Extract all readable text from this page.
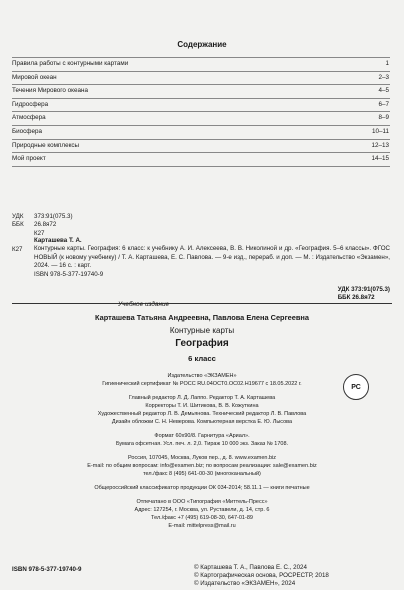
Содержание
Правила работы с контурными картами	1
Мировой океан	2–3
Течения Мирового океана	4–5
Гидросфера	6–7
Атмосфера	8–9
Биосфера	10–11
Природные комплексы	12–13
Мой проект	14–15
УДК	373:91(075.3)
ББК	26.8я72
К27
К27
Карташева Т. А.
Контурные карты. География: 6 класс: к учебнику А. И. Алексеева, В. В. Николиной и др. «География. 5–6 классы». ФГОС НОВЫЙ (к новому учебнику) / Т. А. Карташева, Е. С. Павлова. — 9-е изд., перераб. и доп. — М. : Издательство «Экзамен», 2024. — 16 с. : карт.
ISBN 978-5-377-19740-9
УДК 373:91(075.3)
ББК 26.8я72
Учебное издание
Карташева Татьяна Андреевна, Павлова Елена Сергеевна
Контурные карты
География
6 класс
Издательство «ЭКЗАМЕН»
Гигиенический сертификат № РОСС RU.04ОСТ0.ОС02.Н19677 с 18.05.2022 г.	РС
Главный редактор Л. Д. Лаппо. Редактор Т. А. Карташева
Корректоры Т. И. Шитикова, В. В. Кожуткина
Художественный редактор Л. В. Демьянова. Технический редактор Л. В. Павлова
Дизайн обложки С. Н. Неверова. Компьютерная верстка Е. Ю. Лысова
Формат 60х90/8. Гарнитура «Ариал».
Бумага офсетная. Усл. печ. л. 2,0. Тираж 10 000 экз. Заказ № 1708.
Россия, 107045, Москва, Луков пер., д. 8. www.examen.biz
E-mail: по общим вопросам: info@examen.biz; по вопросам реализации: sale@examen.biz
тел./факс 8 (495) 641-00-30 (многоканальный)
Общероссийский классификатор продукции ОК 034-2014; 58.11.1 — книги печатные
Отпечатано в ООО «Типография «Миттель-Пресс»
Адрес: 127254, г. Москва, ул. Руставели, д. 14, стр. 6
Тел./факс +7 (495) 619-08-30, 647-01-89
E-mail: mittelpress@mail.ru
ISBN 978-5-377-19740-9	© Карташева Т. А., Павлова Е. С., 2024
© Картографическая основа, РОСРЕСТР, 2018
© Издательство «ЭКЗАМЕН», 2024
